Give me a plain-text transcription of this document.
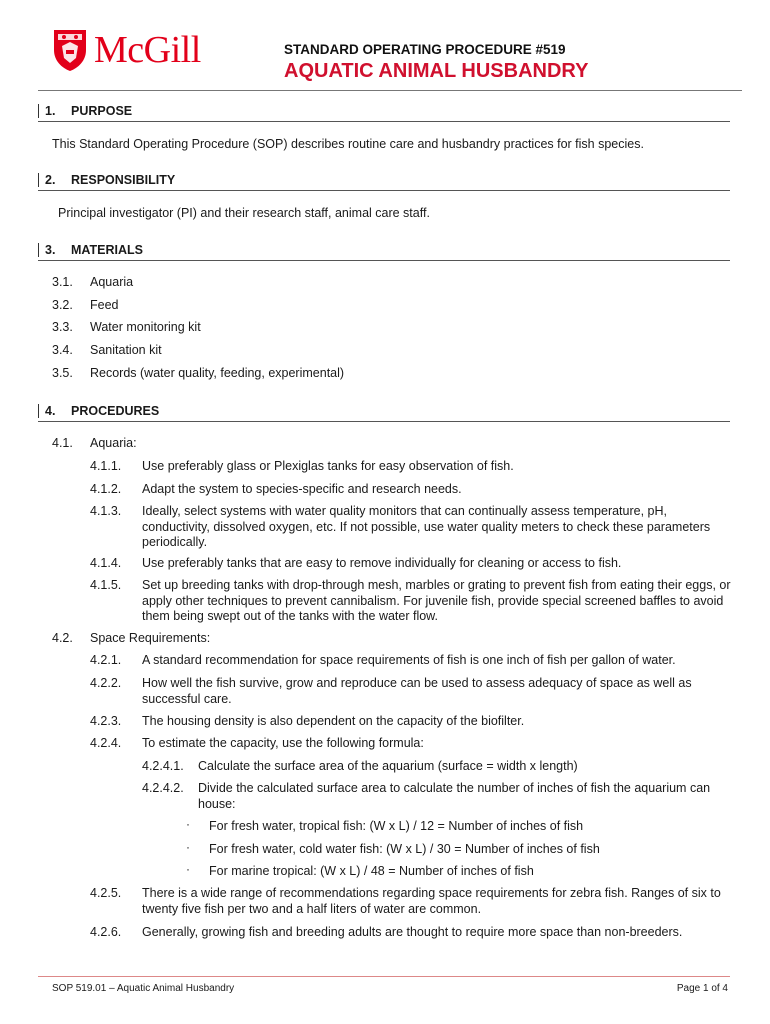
McGill	STANDARD OPERATING PROCEDURE #519
AQUATIC ANIMAL HUSBANDRY
1. PURPOSE
This Standard Operating Procedure (SOP) describes routine care and husbandry practices for fish species.
2. RESPONSIBILITY
Principal investigator (PI) and their research staff, animal care staff.
3. MATERIALS
3.1. Aquaria
3.2. Feed
3.3. Water monitoring kit
3.4. Sanitation kit
3.5. Records (water quality, feeding, experimental)
4. PROCEDURES
4.1. Aquaria:
4.1.1. Use preferably glass or Plexiglas tanks for easy observation of fish.
4.1.2. Adapt the system to species-specific and research needs.
4.1.3. Ideally, select systems with water quality monitors that can continually assess temperature, pH, conductivity, dissolved oxygen, etc. If not possible, use water quality meters to check these parameters periodically.
4.1.4. Use preferably tanks that are easy to remove individually for cleaning or access to fish.
4.1.5. Set up breeding tanks with drop-through mesh, marbles or grating to prevent fish from eating their eggs, or apply other techniques to prevent cannibalism. For juvenile fish, provide special screened baffles to avoid them being swept out of the tanks with the water flow.
4.2. Space Requirements:
4.2.1. A standard recommendation for space requirements of fish is one inch of fish per gallon of water.
4.2.2. How well the fish survive, grow and reproduce can be used to assess adequacy of space as well as successful care.
4.2.3. The housing density is also dependent on the capacity of the biofilter.
4.2.4. To estimate the capacity, use the following formula:
4.2.4.1. Calculate the surface area of the aquarium (surface = width x length)
4.2.4.2. Divide the calculated surface area to calculate the number of inches of fish the aquarium can house:
· For fresh water, tropical fish: (W x L) / 12 = Number of inches of fish
· For fresh water, cold water fish: (W x L) / 30 = Number of inches of fish
· For marine tropical: (W x L) / 48 = Number of inches of fish
4.2.5. There is a wide range of recommendations regarding space requirements for zebra fish. Ranges of six to twenty five fish per two and a half liters of water are common.
4.2.6. Generally, growing fish and breeding adults are thought to require more space than non-breeders.
SOP 519.01 – Aquatic Animal Husbandry	Page 1 of 4
